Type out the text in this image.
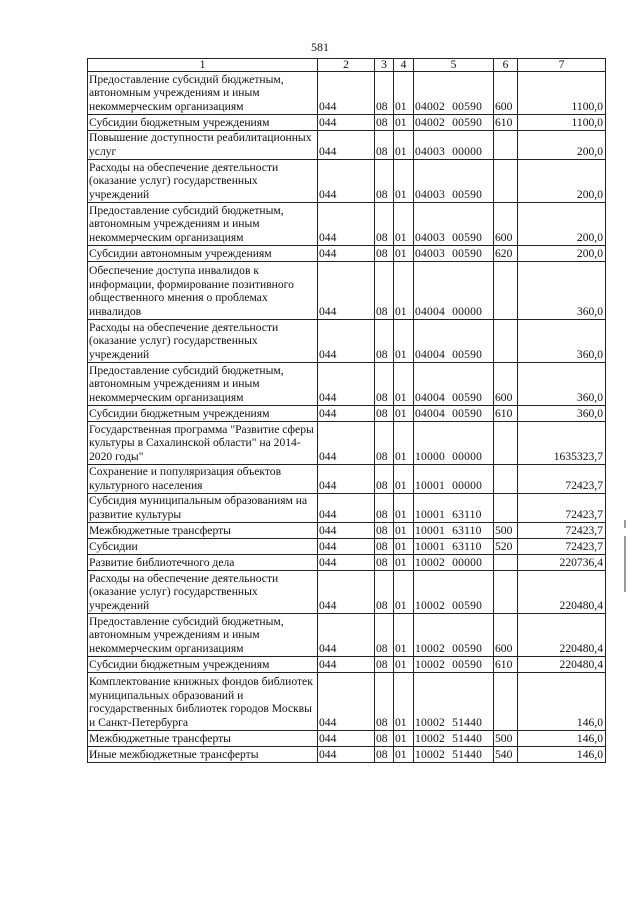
581
1	2	3	4	5	6	7
Предоставление субсидий бюджетным, автономным учреждениям и иным некоммерческим организациям	044	08	01	04002 00590	600	1100,0
Субсидии бюджетным учреждениям	044	08	01	04002 00590	610	1100,0
Повышение доступности реабилитационных услуг	044	08	01	04003 00000		200,0
Расходы на обеспечение деятельности (оказание услуг) государственных учреждений	044	08	01	04003 00590		200,0
Предоставление субсидий бюджетным, автономным учреждениям и иным некоммерческим организациям	044	08	01	04003 00590	600	200,0
Субсидии автономным учреждениям	044	08	01	04003 00590	620	200,0
Обеспечение доступа инвалидов к информации, формирование позитивного общественного мнения о проблемах инвалидов	044	08	01	04004 00000		360,0
Расходы на обеспечение деятельности (оказание услуг) государственных учреждений	044	08	01	04004 00590		360,0
Предоставление субсидий бюджетным, автономным учреждениям и иным некоммерческим организациям	044	08	01	04004 00590	600	360,0
Субсидии бюджетным учреждениям	044	08	01	04004 00590	610	360,0
Государственная программа "Развитие сферы культуры в Сахалинской области" на 2014-2020 годы"	044	08	01	10000 00000		1635323,7
Сохранение и популяризация объектов культурного населения	044	08	01	10001 00000		72423,7
Субсидия муниципальным образованиям на развитие культуры	044	08	01	10001 63110		72423,7
Межбюджетные трансферты	044	08	01	10001 63110	500	72423,7
Субсидии	044	08	01	10001 63110	520	72423,7
Развитие библиотечного дела	044	08	01	10002 00000		220736,4
Расходы на обеспечение деятельности (оказание услуг) государственных учреждений	044	08	01	10002 00590		220480,4
Предоставление субсидий бюджетным, автономным учреждениям и иным некоммерческим организациям	044	08	01	10002 00590	600	220480,4
Субсидии бюджетным учреждениям	044	08	01	10002 00590	610	220480,4
Комплектование книжных фондов библиотек муниципальных образований и государственных библиотек городов Москвы и Санкт-Петербурга	044	08	01	10002 51440		146,0
Межбюджетные трансферты	044	08	01	10002 51440	500	146,0
Иные межбюджетные трансферты	044	08	01	10002 51440	540	146,0
